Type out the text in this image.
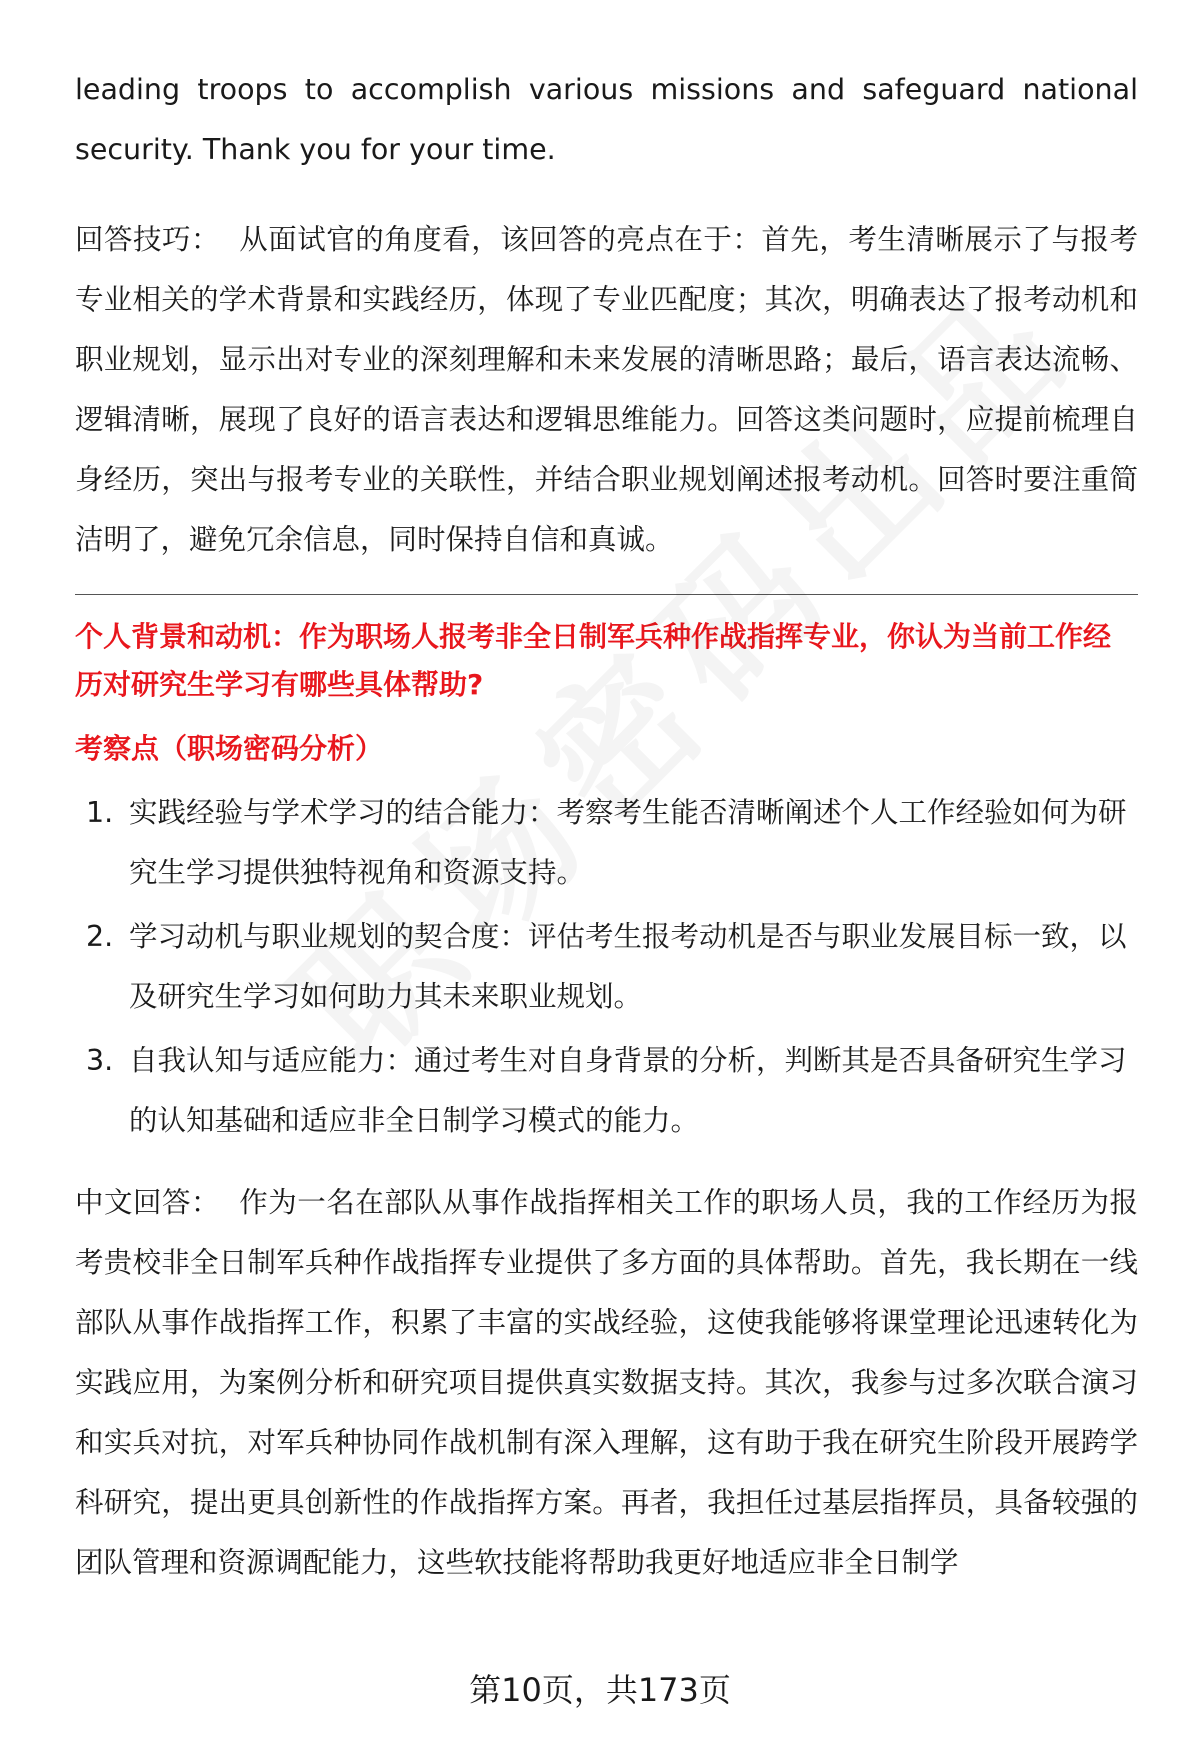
leading troops to accomplish various missions and safeguard national security. Thank you for your time.

回答技巧： 从面试官的角度看，该回答的亮点在于：首先，考生清晰展示了与报考专业相关的学术背景和实践经历，体现了专业匹配度；其次，明确表达了报考动机和职业规划，显示出对专业的深刻理解和未来发展的清晰思路；最后，语言表达流畅、逻辑清晰，展现了良好的语言表达和逻辑思维能力。回答这类问题时，应提前梳理自身经历，突出与报考专业的关联性，并结合职业规划阐述报考动机。回答时要注重简洁明了，避免冗余信息，同时保持自信和真诚。

个人背景和动机：作为职场人报考非全日制军兵种作战指挥专业，你认为当前工作经历对研究生学习有哪些具体帮助?

考察点（职场密码分析）

1. 实践经验与学术学习的结合能力：考察考生能否清晰阐述个人工作经验如何为研究生学习提供独特视角和资源支持。
2. 学习动机与职业规划的契合度：评估考生报考动机是否与职业发展目标一致，以及研究生学习如何助力其未来职业规划。
3. 自我认知与适应能力：通过考生对自身背景的分析，判断其是否具备研究生学习的认知基础和适应非全日制学习模式的能力。

中文回答： 作为一名在部队从事作战指挥相关工作的职场人员，我的工作经历为报考贵校非全日制军兵种作战指挥专业提供了多方面的具体帮助。首先，我长期在一线部队从事作战指挥工作，积累了丰富的实战经验，这使我能够将课堂理论迅速转化为实践应用，为案例分析和研究项目提供真实数据支持。其次，我参与过多次联合演习和实兵对抗，对军兵种协同作战机制有深入理解，这有助于我在研究生阶段开展跨学科研究，提出更具创新性的作战指挥方案。再者，我担任过基层指挥员，具备较强的团队管理和资源调配能力，这些软技能将帮助我更好地适应非全日制学

第10页，共173页
